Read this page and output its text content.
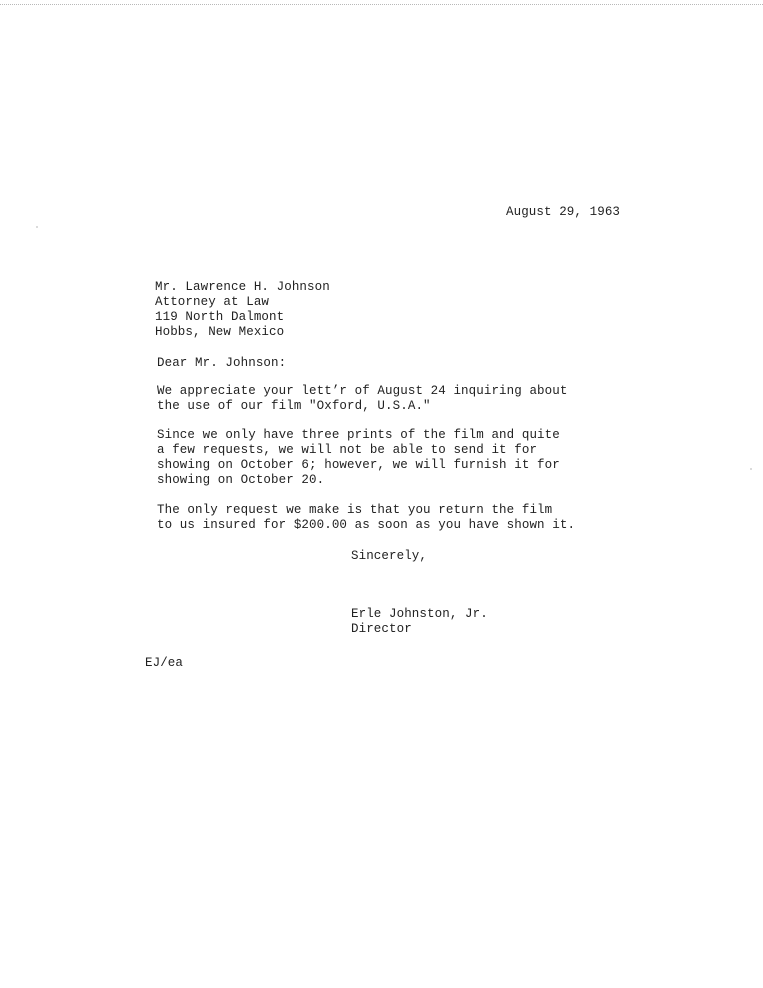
August 29, 1963
Mr. Lawrence H. Johnson
Attorney at Law
119 North Dalmont
Hobbs, New Mexico
Dear Mr. Johnson:
We appreciate your lett’r of August 24 inquiring about
the use of our film "Oxford, U.S.A."
Since we only have three prints of the film and quite
a few requests, we will not be able to send it for
showing on October 6; however, we will furnish it for
showing on October 20.
The only request we make is that you return the film
to us insured for $200.00 as soon as you have shown it.
Sincerely,
Erle Johnston, Jr.
Director
EJ/ea
